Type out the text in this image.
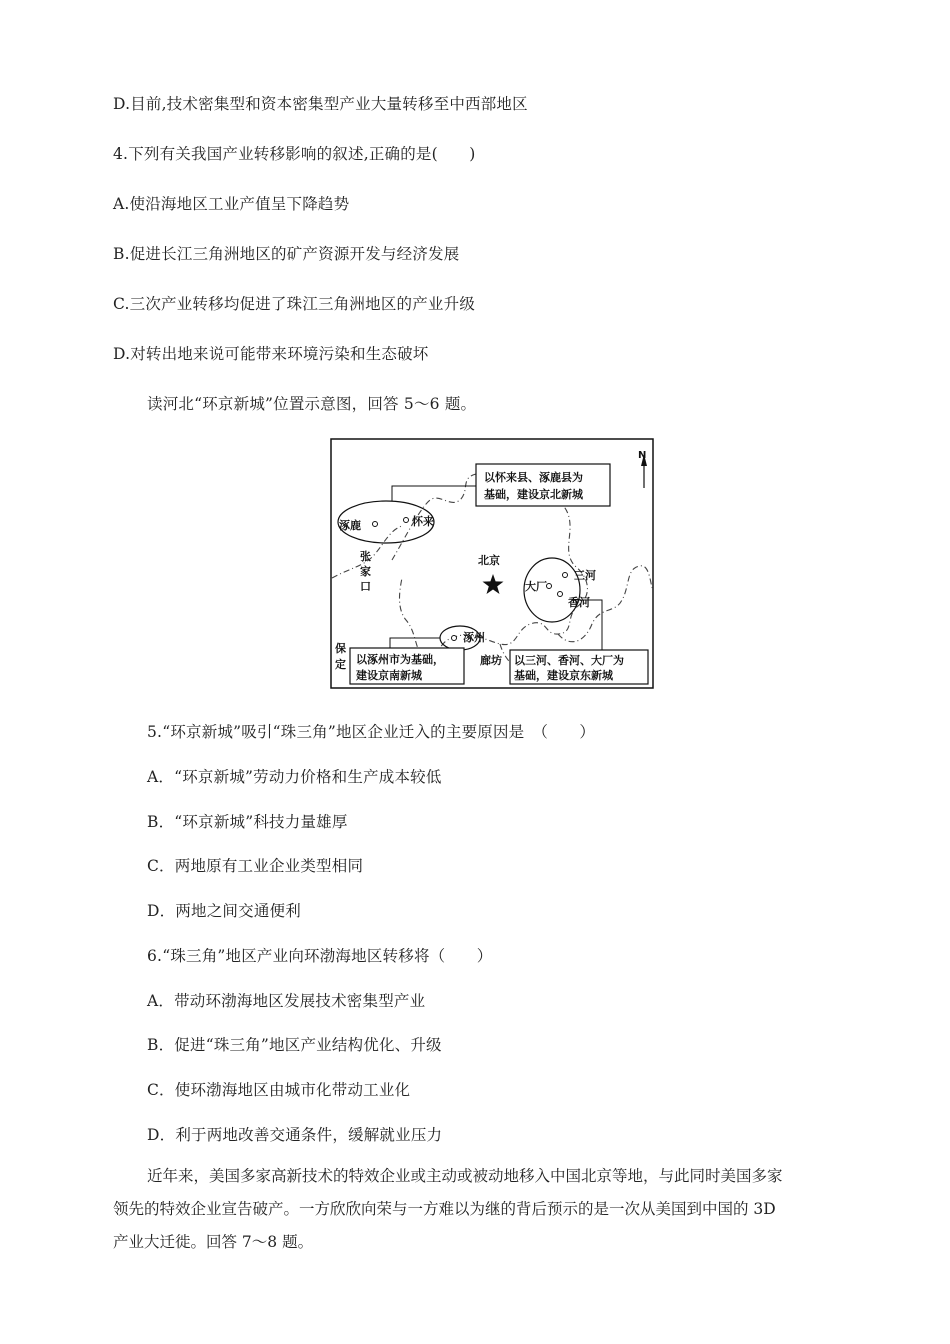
D.目前,技术密集型和资本密集型产业大量转移至中西部地区
4.下列有关我国产业转移影响的叙述,正确的是(　　)
A.使沿海地区工业产值呈下降趋势
B.促进长江三角洲地区的矿产资源开发与经济发展
C.三次产业转移均促进了珠江三角洲地区的产业升级
D.对转出地来说可能带来环境污染和生态破坏
读河北“环京新城”位置示意图，回答 5～6 题。
N
涿鹿	怀来
以怀来县、涿鹿县为
基础，建设京北新城
张
家
口
北京
三河
大厂
香河
涿州
廊坊
保
定 以涿州市为基础，
建设京南新城
以三河、香河、大厂为
基础，建设京东新城
5.“环京新城”吸引“珠三角”地区企业迁入的主要原因是　（　　）
A．“环京新城”劳动力价格和生产成本较低
B．“环京新城”科技力量雄厚
C．两地原有工业企业类型相同
D．两地之间交通便利
6.“珠三角”地区产业向环渤海地区转移将（　　）
A．带动环渤海地区发展技术密集型产业
B．促进“珠三角”地区产业结构优化、升级
C．使环渤海地区由城市化带动工业化
D．利于两地改善交通条件，缓解就业压力

近年来，美国多家高新技术的特效企业或主动或被动地移入中国北京等地，与此同时美国多家

领先的特效企业宣告破产。一方欣欣向荣与一方难以为继的背后预示的是一次从美国到中国的 3D

产业大迁徙。回答 7～8 题。
